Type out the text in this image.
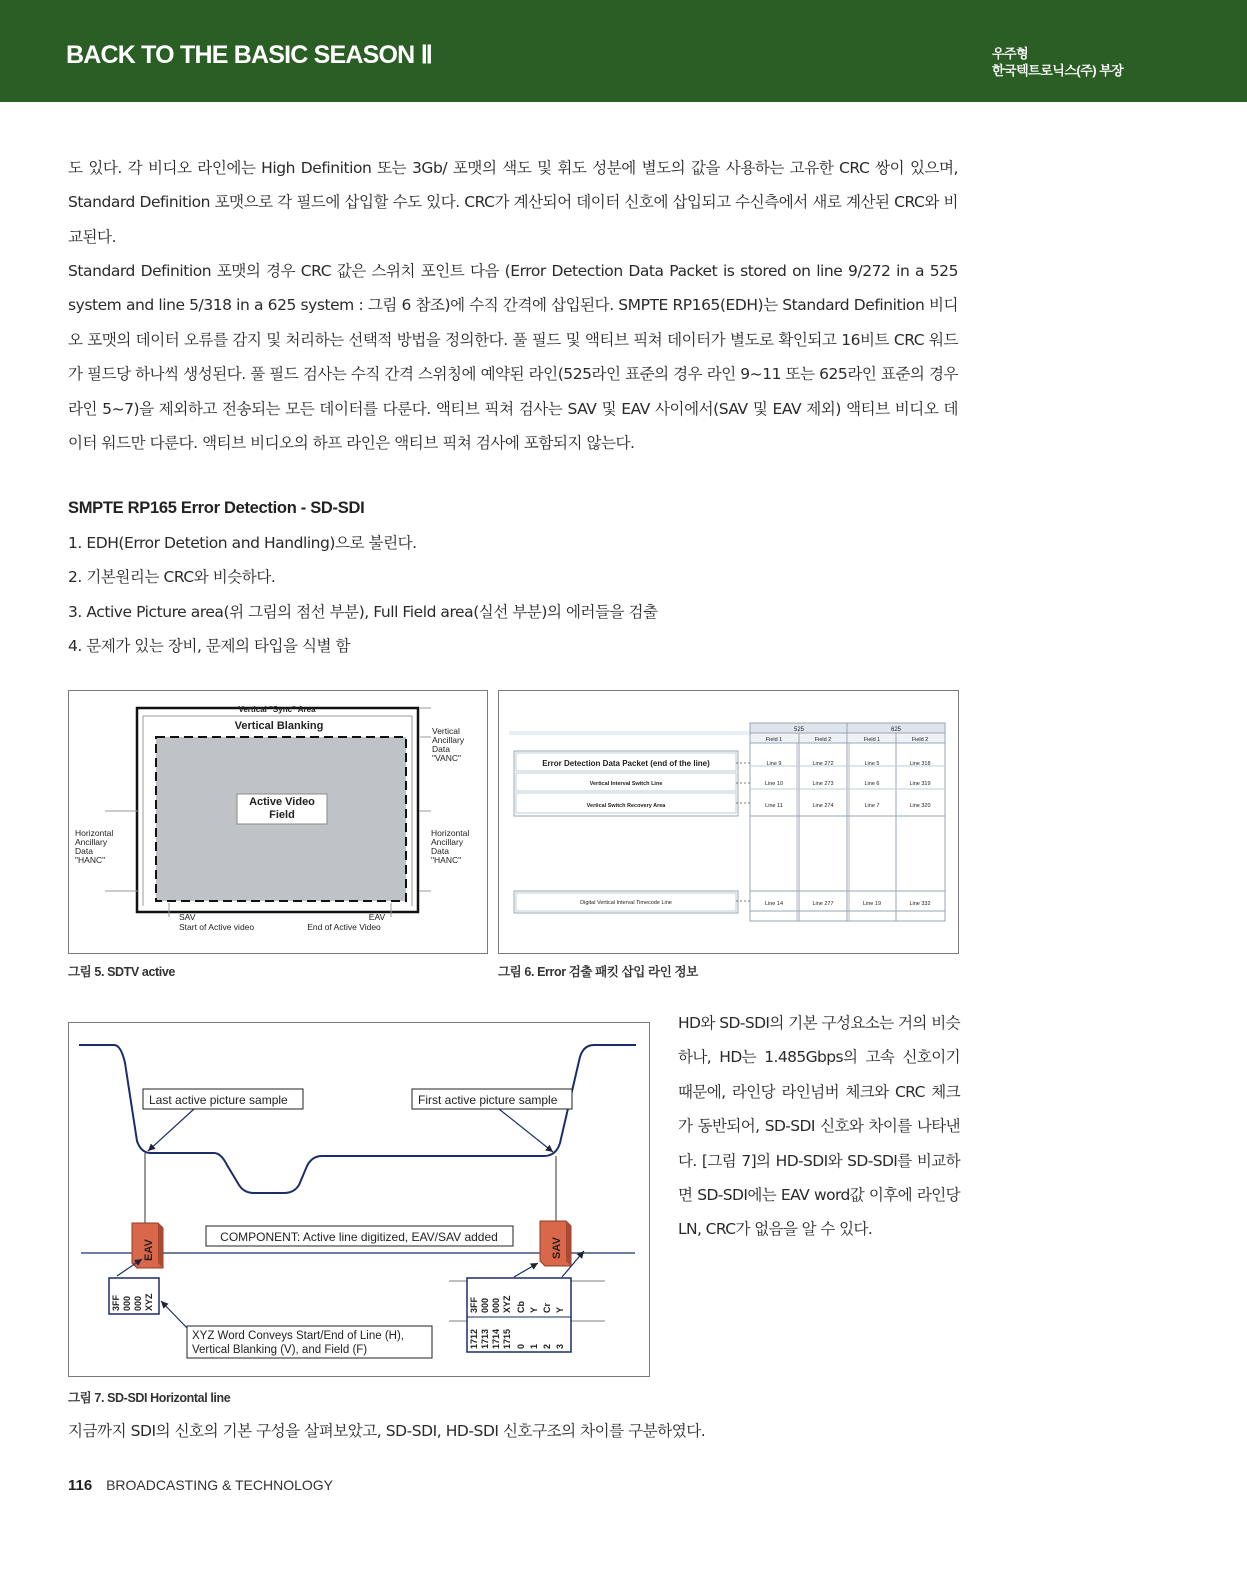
BACK TO THE BASIC SEASON Ⅱ	우주형
한국텍트로닉스(주) 부장

도 있다. 각 비디오 라인에는 High Definition 또는 3Gb/ 포맷의 색도 및 휘도 성분에 별도의 값을 사용하는 고유한 CRC 쌍이 있으며, Standard Definition 포맷으로 각 필드에 삽입할 수도 있다. CRC가 계산되어 데이터 신호에 삽입되고 수신측에서 새로 계산된 CRC와 비교된다.

Standard Definition 포맷의 경우 CRC 값은 스위치 포인트 다음 (Error Detection Data Packet is stored on line 9/272 in a 525 system and line 5/318 in a 625 system : 그림 6 참조)에 수직 간격에 삽입된다. SMPTE RP165(EDH)는 Standard Definition 비디오 포맷의 데이터 오류를 감지 및 처리하는 선택적 방법을 정의한다. 풀 필드 및 액티브 픽쳐 데이터가 별도로 확인되고 16비트 CRC 워드가 필드당 하나씩 생성된다. 풀 필드 검사는 수직 간격 스위칭에 예약된 라인(525라인 표준의 경우 라인 9~11 또는 625라인 표준의 경우 라인 5~7)을 제외하고 전송되는 모든 데이터를 다룬다. 액티브 픽쳐 검사는 SAV 및 EAV 사이에서(SAV 및 EAV 제외) 액티브 비디오 데이터 워드만 다룬다. 액티브 비디오의 하프 라인은 액티브 픽쳐 검사에 포함되지 않는다.

SMPTE RP165 Error Detection - SD-SDI
1. EDH(Error Detetion and Handling)으로 불린다.
2. 기본원리는 CRC와 비슷하다.
3. Active Picture area(위 그림의 점선 부분), Full Field area(실선 부분)의 에러들을 검출
4. 문제가 있는 장비, 문제의 타입을 식별 함
Vertical "Sync" Area
Vertical Blanking
Active Video
Field
Vertical
Ancillary
Data
"VANC"
Horizontal
Ancillary
Data
"HANC"
Horizontal
Ancillary
Data
"HANC"
SAV
Start of Active video
EAV
End of Active Video
그림 5. SDTV active
525	625
Field 1	Field 2	Field 1	Field 2
Error Detection Data Packet (end of the line)
Vertical Interval Switch Line
Vertical Switch Recovery Area
Digital Vertical Interval Timecode Line
Line 9	Line 272	Line 5	Line 318
Line 10	Line 273	Line 6	Line 319
Line 11	Line 274	Line 7	Line 320
Line 14	Line 277	Line 19	Line 332
그림 6. Error 검출 패킷 삽입 라인 정보
EAV	SAV
COMPONENT: Active line digitized, EAV/SAV added
Last active picture sample	First active picture sample
3FF 000 000 XYZ	3FF 000 000 XYZ Cb Y Cr Y
1712 1713 1714 1715 0 1 2 3
XYZ Word Conveys Start/End of Line (H),
Vertical Blanking (V), and Field (F)
그림 7. SD-SDI Horizontal line

HD와 SD-SDI의 기본 구성요소는 거의 비슷하나, HD는 1.485Gbps의 고속 신호이기 때문에, 라인당 라인넘버 체크와 CRC 체크가 동반되어, SD-SDI 신호와 차이를 나타낸다. [그림 7]의 HD-SDI와 SD-SDI를 비교하면 SD-SDI에는 EAV word값 이후에 라인당 LN, CRC가 없음을 알 수 있다.

지금까지 SDI의 신호의 기본 구성을 살펴보았고, SD-SDI, HD-SDI 신호구조의 차이를 구분하였다.

116 BROADCASTING & TECHNOLOGY
